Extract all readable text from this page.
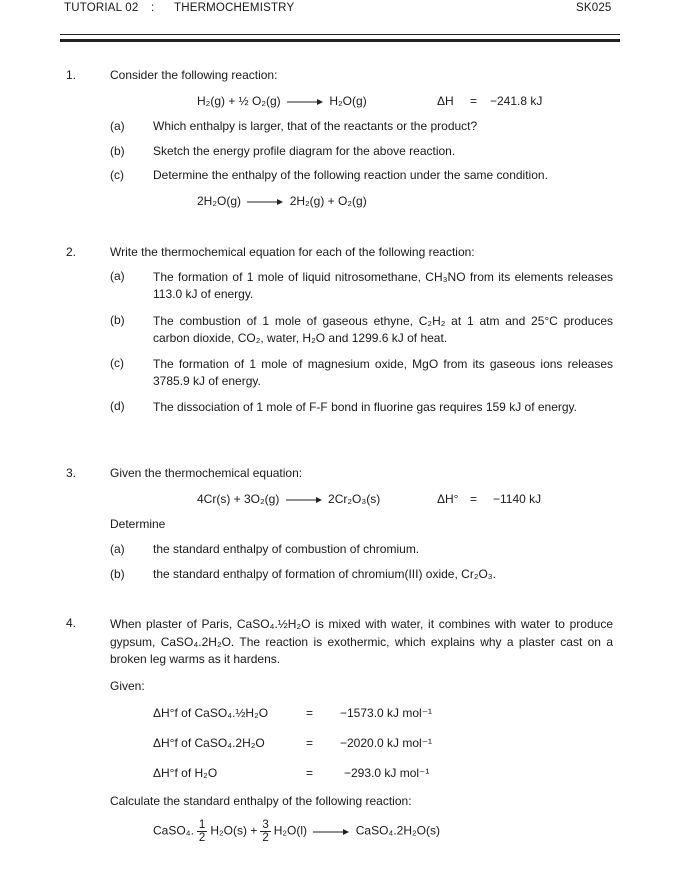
TUTORIAL 02 : THERMOCHEMISTRY	SK025
1.	Consider the following reaction:
H₂(g) + ½ O₂(g) → H₂O(g)	ΔH = −241.8 kJ
(a) Which enthalpy is larger, that of the reactants or the product?
(b) Sketch the energy profile diagram for the above reaction.
(c) Determine the enthalpy of the following reaction under the same condition.
2H₂O(g) → 2H₂(g) + O₂(g)
2.	Write the thermochemical equation for each of the following reaction:
(a) The formation of 1 mole of liquid nitrosomethane, CH₃NO from its elements releases 113.0 kJ of energy.
(b) The combustion of 1 mole of gaseous ethyne, C₂H₂ at 1 atm and 25°C produces carbon dioxide, CO₂, water, H₂O and 1299.6 kJ of heat.
(c) The formation of 1 mole of magnesium oxide, MgO from its gaseous ions releases 3785.9 kJ of energy.
(d) The dissociation of 1 mole of F-F bond in fluorine gas requires 159 kJ of energy.
3.	Given the thermochemical equation:
4Cr(s) + 3O₂(g) → 2Cr₂O₃(s)	ΔH° = −1140 kJ
Determine
(a) the standard enthalpy of combustion of chromium.
(b) the standard enthalpy of formation of chromium(III) oxide, Cr₂O₃.
4.	When plaster of Paris, CaSO₄.½H₂O is mixed with water, it combines with water to produce gypsum, CaSO₄.2H₂O. The reaction is exothermic, which explains why a plaster cast on a broken leg warms as it hardens.
Given:
ΔH°f of CaSO₄.½H₂O	= −1573.0 kJ mol⁻¹
ΔH°f of CaSO₄.2H₂O	= −2020.0 kJ mol⁻¹
ΔH°f of H₂O	=	−293.0 kJ mol⁻¹
Calculate the standard enthalpy of the following reaction:
CaSO₄. $\frac{1}{2} H_2O(s) + \frac{3}{2} H_2O(l)$ → CaSO₄.2H₂O(s)
